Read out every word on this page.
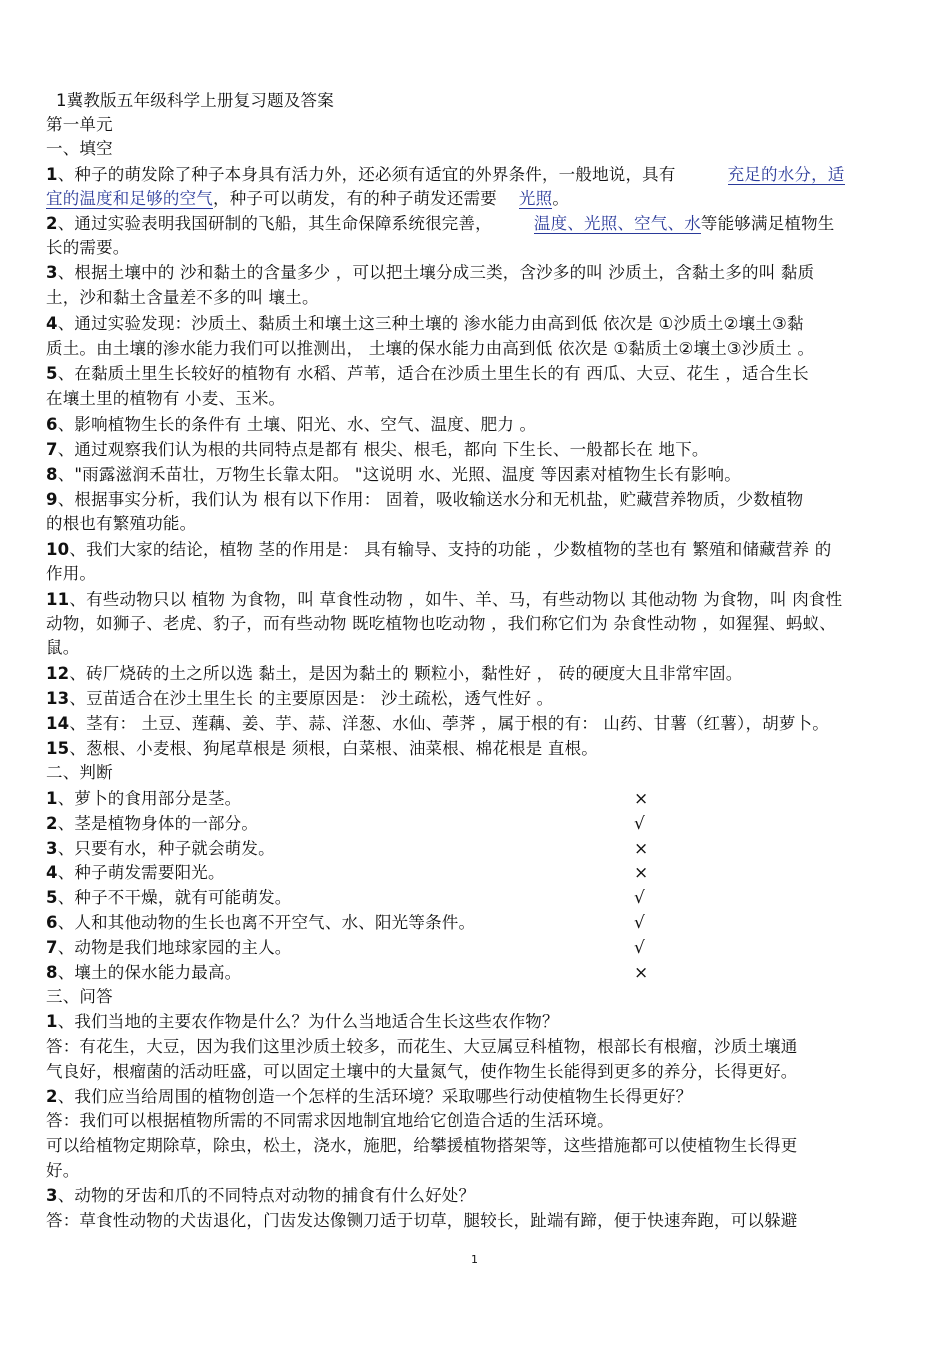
1冀教版五年级科学上册复习题及答案
第一单元
一、填空
1、种子的萌发除了种子本身具有活力外，还必须有适宜的外界条件，一般地说，具有	充足的水分，适
宜的温度和足够的空气，种子可以萌发，有的种子萌发还需要 光照。
2、通过实验表明我国研制的飞船，其生命保障系统很完善，	温度、光照、空气、水等能够满足植物生
长的需要。
3、根据土壤中的 沙和黏土的含量多少 ，可以把土壤分成三类，含沙多的叫 沙质土，含黏土多的叫 黏质
土，沙和黏土含量差不多的叫 壤土。
4、通过实验发现：沙质土、黏质土和壤土这三种土壤的 渗水能力由高到低 依次是 ①沙质土②壤土③黏
质土。由土壤的渗水能力我们可以推测出， 土壤的保水能力由高到低 依次是 ①黏质土②壤土③沙质土 。
5、在黏质土里生长较好的植物有 水稻、芦苇，适合在沙质土里生长的有 西瓜、大豆、花生 ，适合生长
在壤土里的植物有 小麦、玉米。
6、影响植物生长的条件有 土壤、阳光、水、空气、温度、肥力 。
7、通过观察我们认为根的共同特点是都有 根尖、根毛，都向 下生长、一般都长在 地下。
8、"雨露滋润禾苗壮，万物生长靠太阳。 "这说明 水、光照、温度 等因素对植物生长有影响。
9、根据事实分析，我们认为 根有以下作用： 固着，吸收输送水分和无机盐，贮藏营养物质，少数植物
的根也有繁殖功能。
10、我们大家的结论，植物 茎的作用是： 具有输导、支持的功能 ，少数植物的茎也有 繁殖和储藏营养 的
作用。
11、有些动物只以 植物 为食物，叫 草食性动物 ，如牛、羊、马，有些动物以 其他动物 为食物，叫 肉食性
动物，如狮子、老虎、豹子，而有些动物 既吃植物也吃动物 ，我们称它们为 杂食性动物 ，如猩猩、蚂蚁、
鼠。
12、砖厂烧砖的土之所以选 黏土，是因为黏土的 颗粒小，黏性好 ， 砖的硬度大且非常牢固。
13、豆苗适合在沙土里生长 的主要原因是： 沙土疏松，透气性好 。
14、茎有： 土豆、莲藕、姜、芋、蒜、洋葱、水仙、荸荠 ，属于根的有： 山药、甘薯（红薯），胡萝卜。
15、葱根、小麦根、狗尾草根是 须根，白菜根、油菜根、棉花根是 直根。
二、判断
1、萝卜的食用部分是茎。	×
2、茎是植物身体的一部分。	√
3、只要有水，种子就会萌发。	×
4、种子萌发需要阳光。	×
5、种子不干燥，就有可能萌发。	√
6、人和其他动物的生长也离不开空气、水、阳光等条件。	√
7、动物是我们地球家园的主人。	√
8、壤土的保水能力最高。	×
三、问答
1、我们当地的主要农作物是什么？为什么当地适合生长这些农作物？
答：有花生，大豆，因为我们这里沙质土较多，而花生、大豆属豆科植物，根部长有根瘤，沙质土壤通
气良好，根瘤菌的活动旺盛，可以固定土壤中的大量氮气，使作物生长能得到更多的养分，长得更好。
2、我们应当给周围的植物创造一个怎样的生活环境？采取哪些行动使植物生长得更好？
答：我们可以根据植物所需的不同需求因地制宜地给它创造合适的生活环境。
可以给植物定期除草，除虫，松土，浇水，施肥，给攀援植物搭架等，这些措施都可以使植物生长得更
好。
3、动物的牙齿和爪的不同特点对动物的捕食有什么好处？
答：草食性动物的犬齿退化，门齿发达像铡刀适于切草，腿较长，趾端有蹄，便于快速奔跑，可以躲避
1
